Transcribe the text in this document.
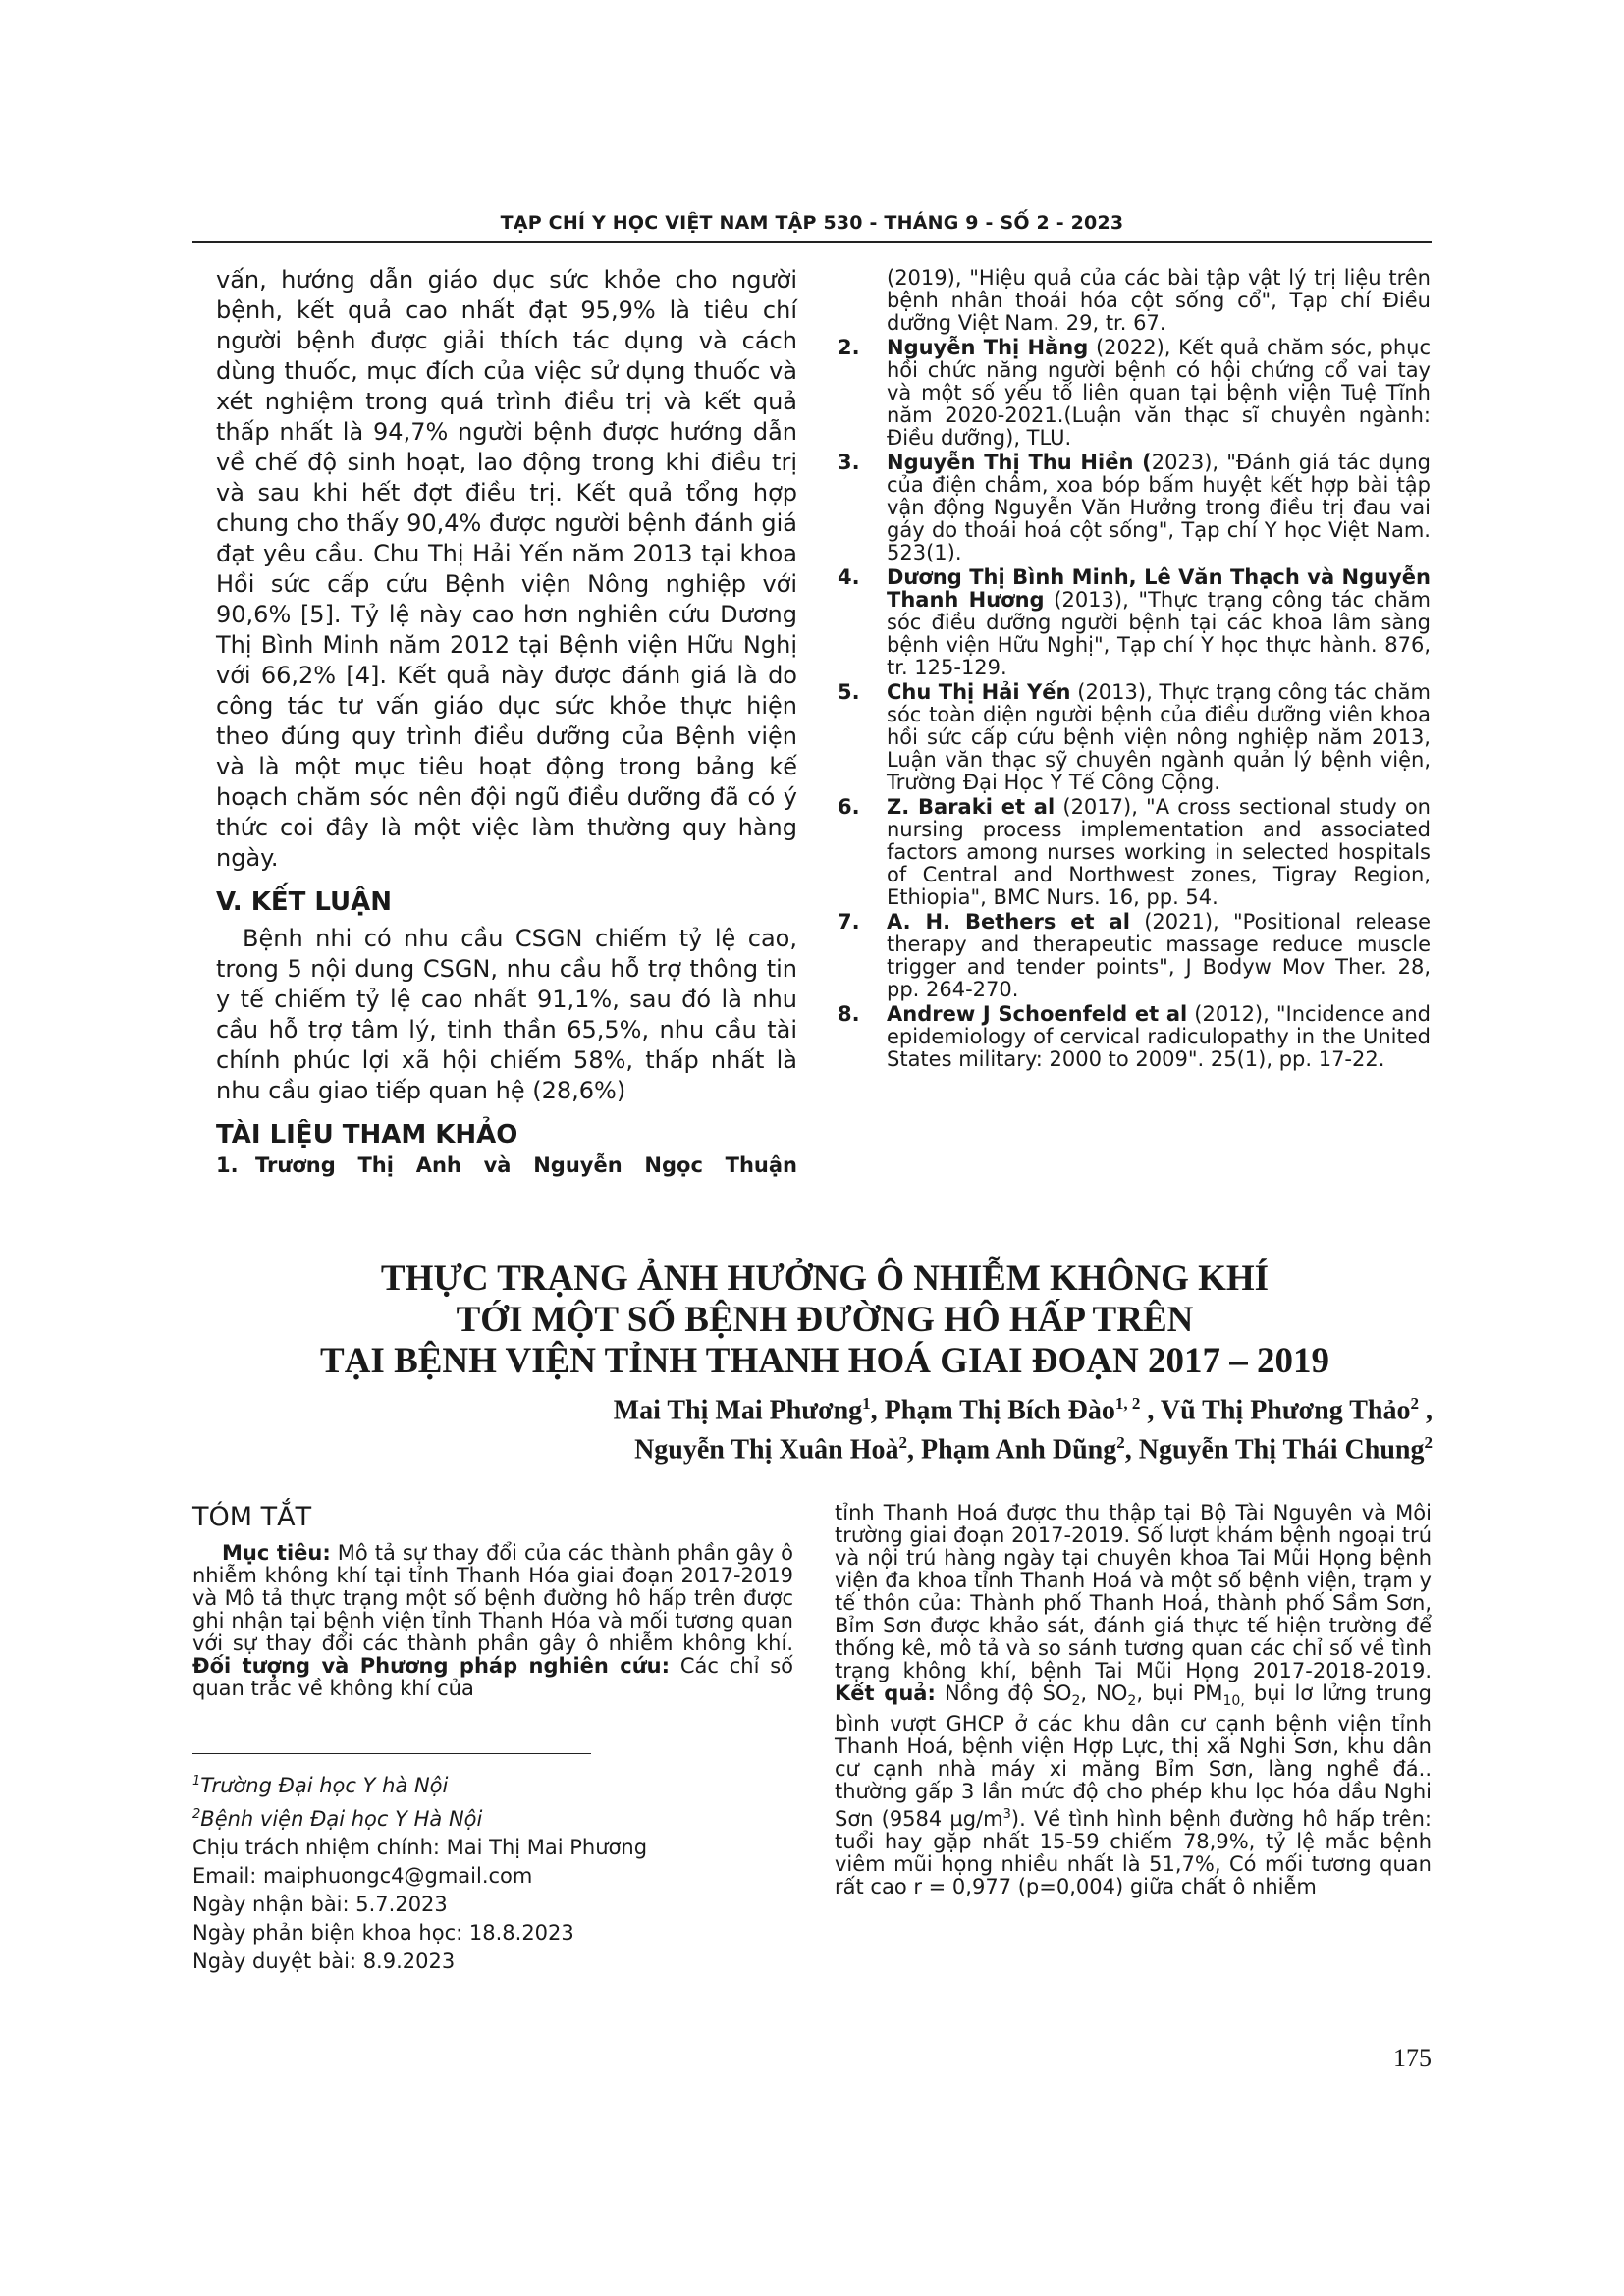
TẠP CHÍ Y HỌC VIỆT NAM TẬP 530 - THÁNG 9 - SỐ 2 - 2023

vấn, hướng dẫn giáo dục sức khỏe cho người bệnh, kết quả cao nhất đạt 95,9% là tiêu chí người bệnh được giải thích tác dụng và cách dùng thuốc, mục đích của việc sử dụng thuốc và xét nghiệm trong quá trình điều trị và kết quả thấp nhất là 94,7% người bệnh được hướng dẫn về chế độ sinh hoạt, lao động trong khi điều trị và sau khi hết đợt điều trị. Kết quả tổng hợp chung cho thấy 90,4% được người bệnh đánh giá đạt yêu cầu. Chu Thị Hải Yến năm 2013 tại khoa Hồi sức cấp cứu Bệnh viện Nông nghiệp với 90,6% [5]. Tỷ lệ này cao hơn nghiên cứu Dương Thị Bình Minh năm 2012 tại Bệnh viện Hữu Nghị với 66,2% [4]. Kết quả này được đánh giá là do công tác tư vấn giáo dục sức khỏe thực hiện theo đúng quy trình điều dưỡng của Bệnh viện và là một mục tiêu hoạt động trong bảng kế hoạch chăm sóc nên đội ngũ điều dưỡng đã có ý thức coi đây là một việc làm thường quy hàng ngày.

V. KẾT LUẬN

Bệnh nhi có nhu cầu CSGN chiếm tỷ lệ cao, trong 5 nội dung CSGN, nhu cầu hỗ trợ thông tin y tế chiếm tỷ lệ cao nhất 91,1%, sau đó là nhu cầu hỗ trợ tâm lý, tinh thần 65,5%, nhu cầu tài chính phúc lợi xã hội chiếm 58%, thấp nhất là nhu cầu giao tiếp quan hệ (28,6%)

TÀI LIỆU THAM KHẢO
1. Trương Thị Anh và Nguyễn Ngọc Thuận
(2019), "Hiệu quả của các bài tập vật lý trị liệu trên bệnh nhân thoái hóa cột sống cổ", Tạp chí Điều dưỡng Việt Nam. 29, tr. 67.
2. Nguyễn Thị Hằng (2022), Kết quả chăm sóc, phục hồi chức năng người bệnh có hội chứng cổ vai tay và một số yếu tố liên quan tại bệnh viện Tuệ Tĩnh năm 2020-2021.(Luận văn thạc sĩ chuyên ngành: Điều dưỡng), TLU.
3. Nguyễn Thị Thu Hiền (2023), "Đánh giá tác dụng của điện châm, xoa bóp bấm huyệt kết hợp bài tập vận động Nguyễn Văn Hưởng trong điều trị đau vai gáy do thoái hoá cột sống", Tạp chí Y học Việt Nam. 523(1).
4. Dương Thị Bình Minh, Lê Văn Thạch và Nguyễn Thanh Hương (2013), "Thực trạng công tác chăm sóc điều dưỡng người bệnh tại các khoa lâm sàng bệnh viện Hữu Nghị", Tạp chí Y học thực hành. 876, tr. 125-129.
5. Chu Thị Hải Yến (2013), Thực trạng công tác chăm sóc toàn diện người bệnh của điều dưỡng viên khoa hồi sức cấp cứu bệnh viện nông nghiệp năm 2013, Luận văn thạc sỹ chuyên ngành quản lý bệnh viện, Trường Đại Học Y Tế Công Cộng.
6. Z. Baraki et al (2017), "A cross sectional study on nursing process implementation and associated factors among nurses working in selected hospitals of Central and Northwest zones, Tigray Region, Ethiopia", BMC Nurs. 16, pp. 54.
7. A. H. Bethers et al (2021), "Positional release therapy and therapeutic massage reduce muscle trigger and tender points", J Bodyw Mov Ther. 28, pp. 264-270.
8. Andrew J Schoenfeld et al (2012), "Incidence and epidemiology of cervical radiculopathy in the United States military: 2000 to 2009". 25(1), pp. 17-22.
THỰC TRẠNG ẢNH HƯỞNG Ô NHIỄM KHÔNG KHÍ
TỚI MỘT SỐ BỆNH ĐƯỜNG HÔ HẤP TRÊN
TẠI BỆNH VIỆN TỈNH THANH HOÁ GIAI ĐOẠN 2017 – 2019
Mai Thị Mai Phương$^1$, Phạm Thị Bích Đào$^{1, 2}$ , Vũ Thị Phương Thảo$^2$ ,
Nguyễn Thị Xuân Hoà$^2$, Phạm Anh Dũng$^2$, Nguyễn Thị Thái Chung$^2$
TÓM TẮT

Mục tiêu: Mô tả sự thay đổi của các thành phần gây ô nhiễm không khí tại tỉnh Thanh Hóa giai đoạn 2017-2019 và Mô tả thực trạng một số bệnh đường hô hấp trên được ghi nhận tại bệnh viện tỉnh Thanh Hóa và mối tương quan với sự thay đổi các thành phần gây ô nhiễm không khí. Đối tượng và Phương pháp nghiên cứu: Các chỉ số quan trắc về không khí của

tỉnh Thanh Hoá được thu thập tại Bộ Tài Nguyên và Môi trường giai đoạn 2017-2019. Số lượt khám bệnh ngoại trú và nội trú hàng ngày tại chuyên khoa Tai Mũi Họng bệnh viện đa khoa tỉnh Thanh Hoá và một số bệnh viện, trạm y tế thôn của: Thành phố Thanh Hoá, thành phố Sầm Sơn, Bỉm Sơn được khảo sát, đánh giá thực tế hiện trường để thống kê, mô tả và so sánh tương quan các chỉ số về tình trạng không khí, bệnh Tai Mũi Họng 2017-2018-2019. Kết quả: Nồng độ $SO_2$, $NO_2$, bụi $PM_{10,}$ bụi lơ lửng trung bình vượt GHCP ở các khu dân cư cạnh bệnh viện tỉnh Thanh Hoá, bệnh viện Hợp Lực, thị xã Nghi Sơn, khu dân cư cạnh nhà máy xi măng Bỉm Sơn, làng nghề đá.. thường gấp 3 lần mức độ cho phép khu lọc hóa dầu Nghi Sơn (9584 $\mu g/m^3$). Về tình hình bệnh đường hô hấp trên: tuổi hay gặp nhất 15-59 chiếm 78,9%, tỷ lệ mắc bệnh viêm mũi họng nhiều nhất là 51,7%, Có mối tương quan rất cao r = 0,977 (p=0,004) giữa chất ô nhiễm

$^1$Trường Đại học Y hà Nội

$^2$Bệnh viện Đại học Y Hà Nội

Chịu trách nhiệm chính: Mai Thị Mai Phương

Email: maiphuongc4@gmail.com

Ngày nhận bài: 5.7.2023

Ngày phản biện khoa học: 18.8.2023

Ngày duyệt bài: 8.9.2023

175
